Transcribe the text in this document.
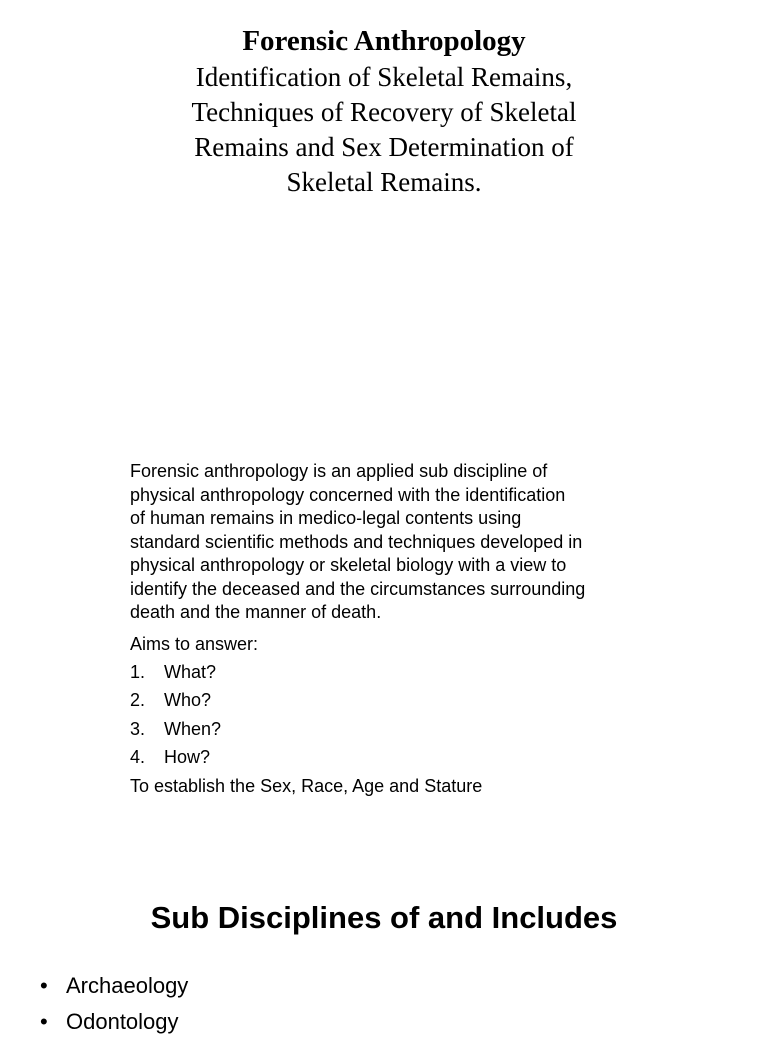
Forensic Anthropology
Identification of Skeletal Remains,
Techniques of Recovery of Skeletal
Remains and Sex Determination of
Skeletal Remains.

Forensic anthropology is an applied sub discipline of
physical anthropology concerned with the identification
of human remains in medico-legal contents using
standard scientific methods and techniques developed in
physical anthropology or skeletal biology with a view to
identify the deceased and the circumstances surrounding
death and the manner of death.

Aims to answer:

1.	What?
2.	Who?
3.	When?
4.	How?

To establish the Sex, Race, Age and Stature

Sub Disciplines of and Includes
• Archaeology
• Odontology
